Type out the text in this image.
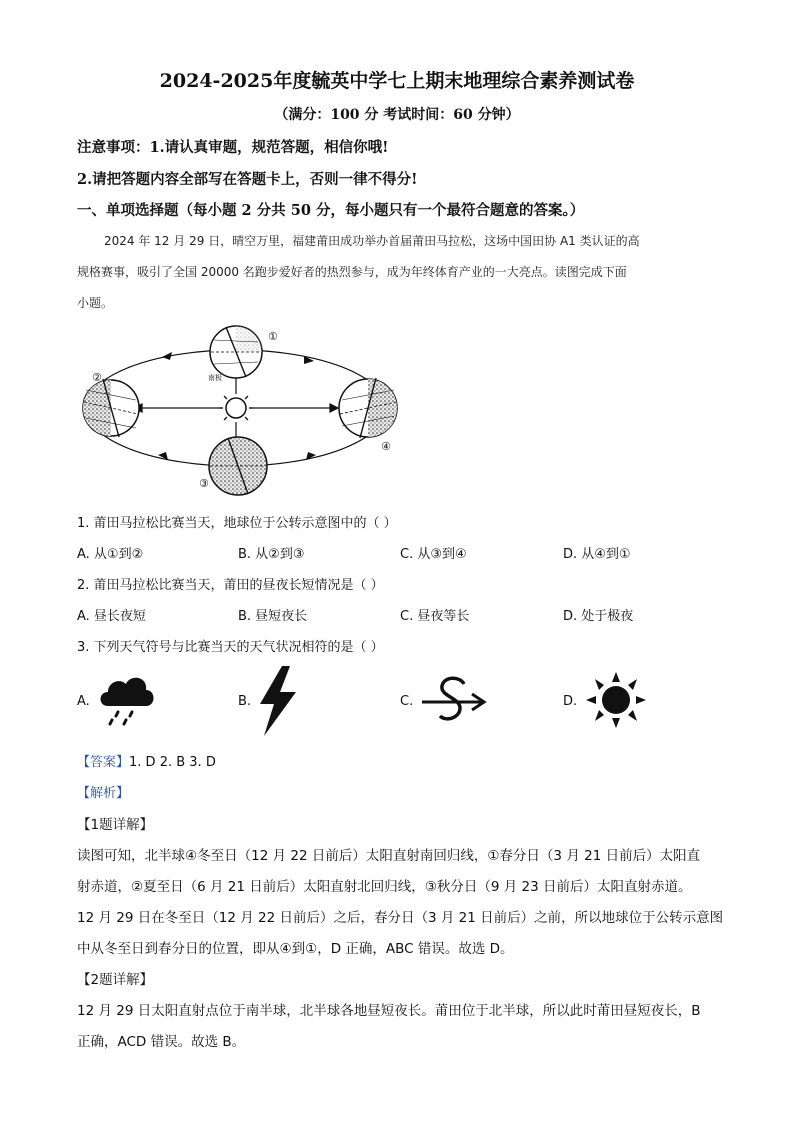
2024-2025年度毓英中学七上期末地理综合素养测试卷
（满分：100 分 考试时间：60 分钟）
注意事项：1.请认真审题，规范答题，相信你哦!
2.请把答题内容全部写在答题卡上，否则一律不得分!
一、单项选择题（每小题 2 分共 50 分，每小题只有一个最符合题意的答案。）
2024 年 12 月 29 日，晴空万里，福建莆田成功举办首届莆田马拉松，这场中国田协 A1 类认证的高
规格赛事，吸引了全国 20000 名跑步爱好者的热烈参与，成为年终体育产业的一大亮点。读图完成下面
小题。
①
南极
②
③
④
1. 莆田马拉松比赛当天，地球位于公转示意图中的（ ）
A. 从①到②	B. 从②到③	C. 从③到④	D. 从④到①
2. 莆田马拉松比赛当天，莆田的昼夜长短情况是（ ）
A. 昼长夜短	B. 昼短夜长	C. 昼夜等长	D. 处于极夜
3. 下列天气符号与比赛当天的天气状况相符的是（ ）
A.	B.	C.	D.
【答案】1. D 2. B 3. D
【解析】
【1题详解】
读图可知，北半球④冬至日（12 月 22 日前后）太阳直射南回归线，①春分日（3 月 21 日前后）太阳直
射赤道，②夏至日（6 月 21 日前后）太阳直射北回归线，③秋分日（9 月 23 日前后）太阳直射赤道。
12 月 29 日在冬至日（12 月 22 日前后）之后，春分日（3 月 21 日前后）之前，所以地球位于公转示意图
中从冬至日到春分日的位置，即从④到①，D 正确，ABC 错误。故选 D。
【2题详解】
12 月 29 日太阳直射点位于南半球，北半球各地昼短夜长。莆田位于北半球，所以此时莆田昼短夜长，B
正确，ACD 错误。故选 B。
